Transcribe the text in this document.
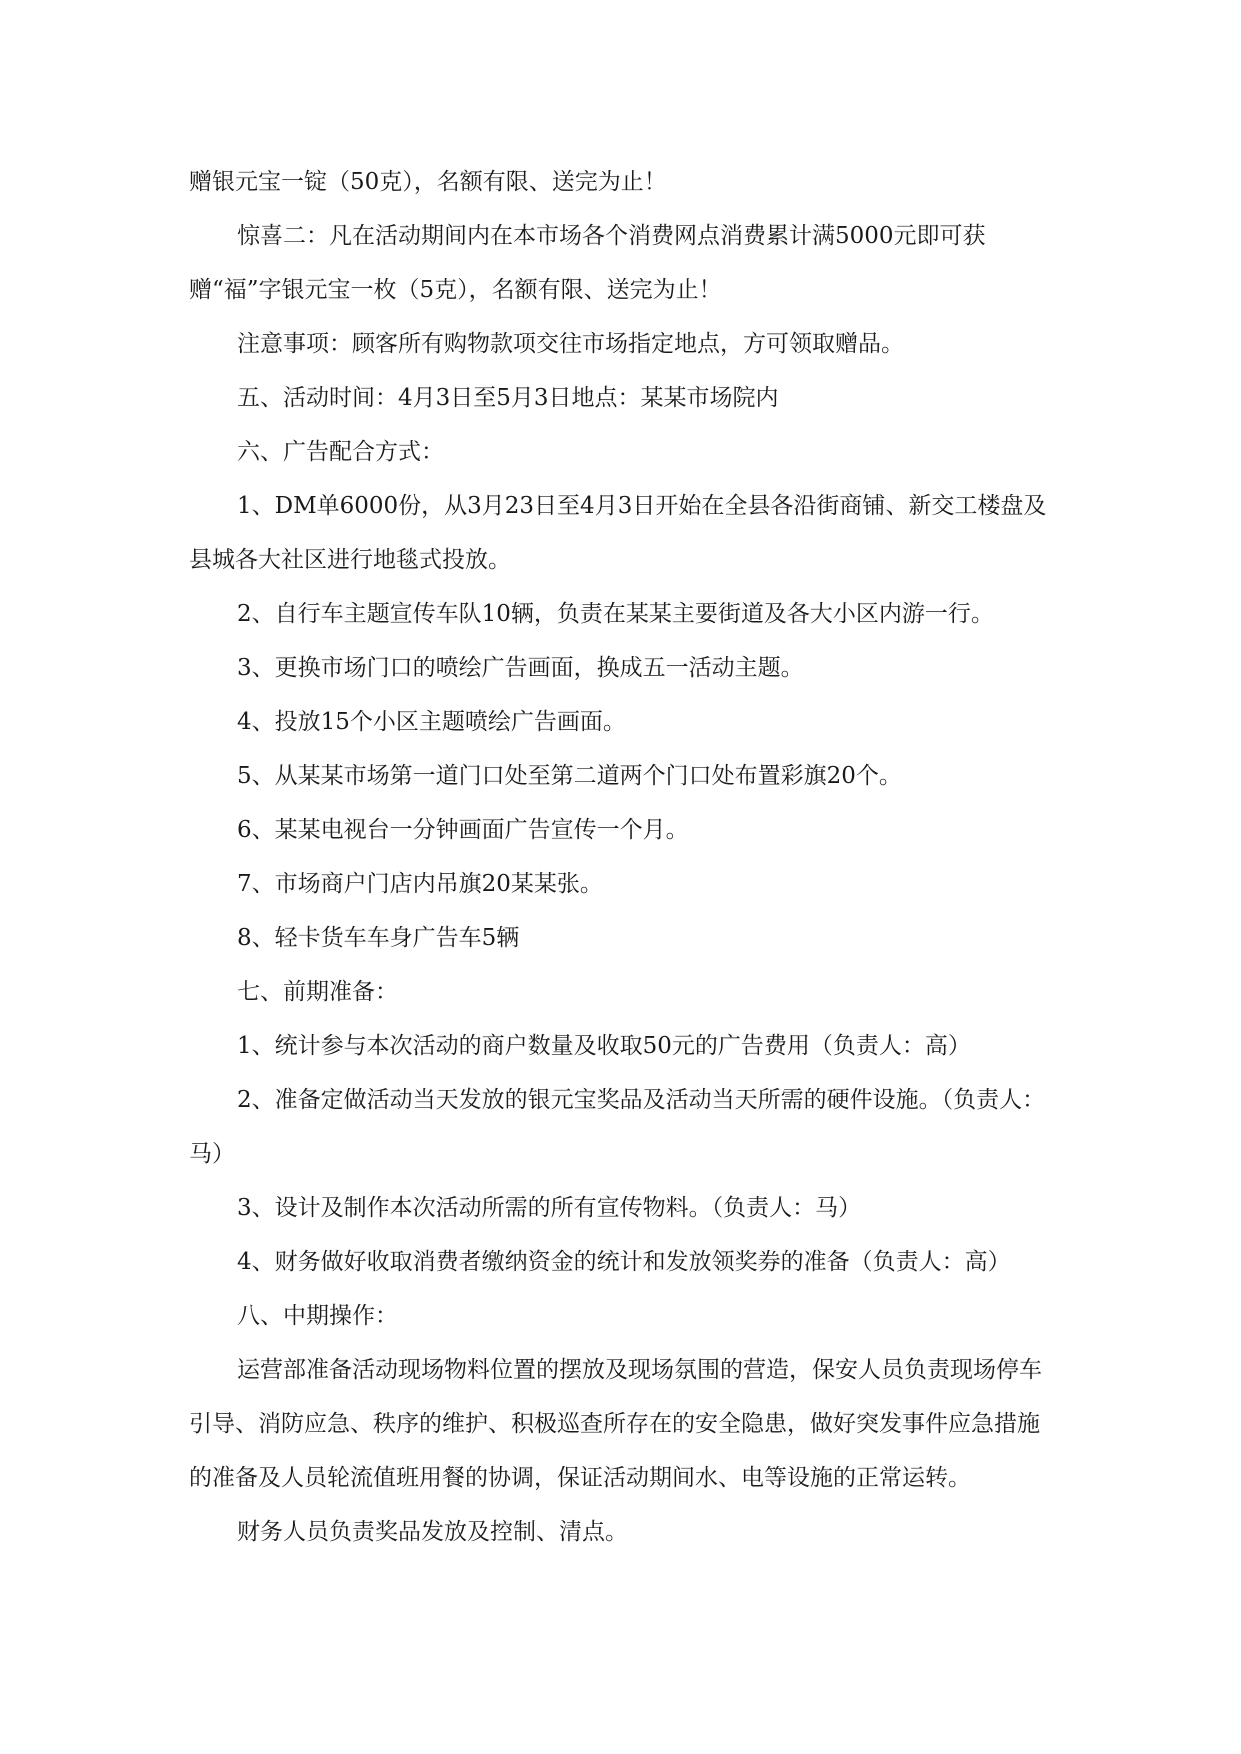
赠银元宝一锭（50克），名额有限、送完为止！

惊喜二：凡在活动期间内在本市场各个消费网点消费累计满5000元即可获赠“福”字银元宝一枚（5克），名额有限、送完为止！

注意事项：顾客所有购物款项交往市场指定地点，方可领取赠品。

五、活动时间：4月3日至5月3日地点：某某市场院内

六、广告配合方式：

1、DM单6000份，从3月23日至4月3日开始在全县各沿街商铺、新交工楼盘及县城各大社区进行地毯式投放。

2、自行车主题宣传车队10辆，负责在某某主要街道及各大小区内游一行。

3、更换市场门口的喷绘广告画面，换成五一活动主题。

4、投放15个小区主题喷绘广告画面。

5、从某某市场第一道门口处至第二道两个门口处布置彩旗20个。

6、某某电视台一分钟画面广告宣传一个月。

7、市场商户门店内吊旗20某某张。

8、轻卡货车车身广告车5辆

七、前期准备：

1、统计参与本次活动的商户数量及收取50元的广告费用（负责人：高）

2、准备定做活动当天发放的银元宝奖品及活动当天所需的硬件设施。（负责人：马）

3、设计及制作本次活动所需的所有宣传物料。（负责人：马）

4、财务做好收取消费者缴纳资金的统计和发放领奖券的准备（负责人：高）

八、中期操作：

运营部准备活动现场物料位置的摆放及现场氛围的营造，保安人员负责现场停车引导、消防应急、秩序的维护、积极巡查所存在的安全隐患，做好突发事件应急措施的准备及人员轮流值班用餐的协调，保证活动期间水、电等设施的正常运转。

财务人员负责奖品发放及控制、清点。
